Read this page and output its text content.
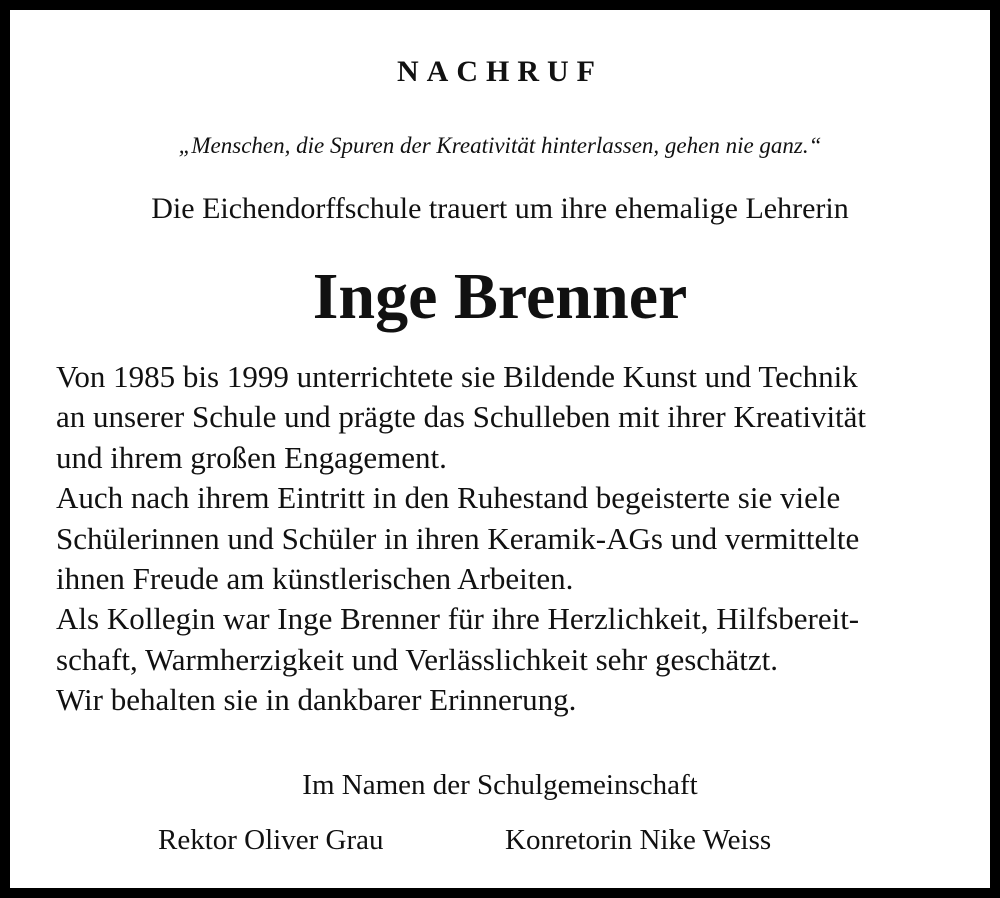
NACHRUF

„Menschen, die Spuren der Kreativität hinterlassen, gehen nie ganz.“

Die Eichendorffschule trauert um ihre ehemalige Lehrerin

Inge Brenner
Von 1985 bis 1999 unterrichtete sie Bildende Kunst und Technik
an unserer Schule und prägte das Schulleben mit ihrer Kreativität
und ihrem großen Engagement.
Auch nach ihrem Eintritt in den Ruhestand begeisterte sie viele
Schülerinnen und Schüler in ihren Keramik-AGs und vermittelte
ihnen Freude am künstlerischen Arbeiten.
Als Kollegin war Inge Brenner für ihre Herzlichkeit, Hilfsbereit-
schaft, Warmherzigkeit und Verlässlichkeit sehr geschätzt.
Wir behalten sie in dankbarer Erinnerung.

Im Namen der Schulgemeinschaft

Rektor Oliver Grau	Konretorin Nike Weiss
